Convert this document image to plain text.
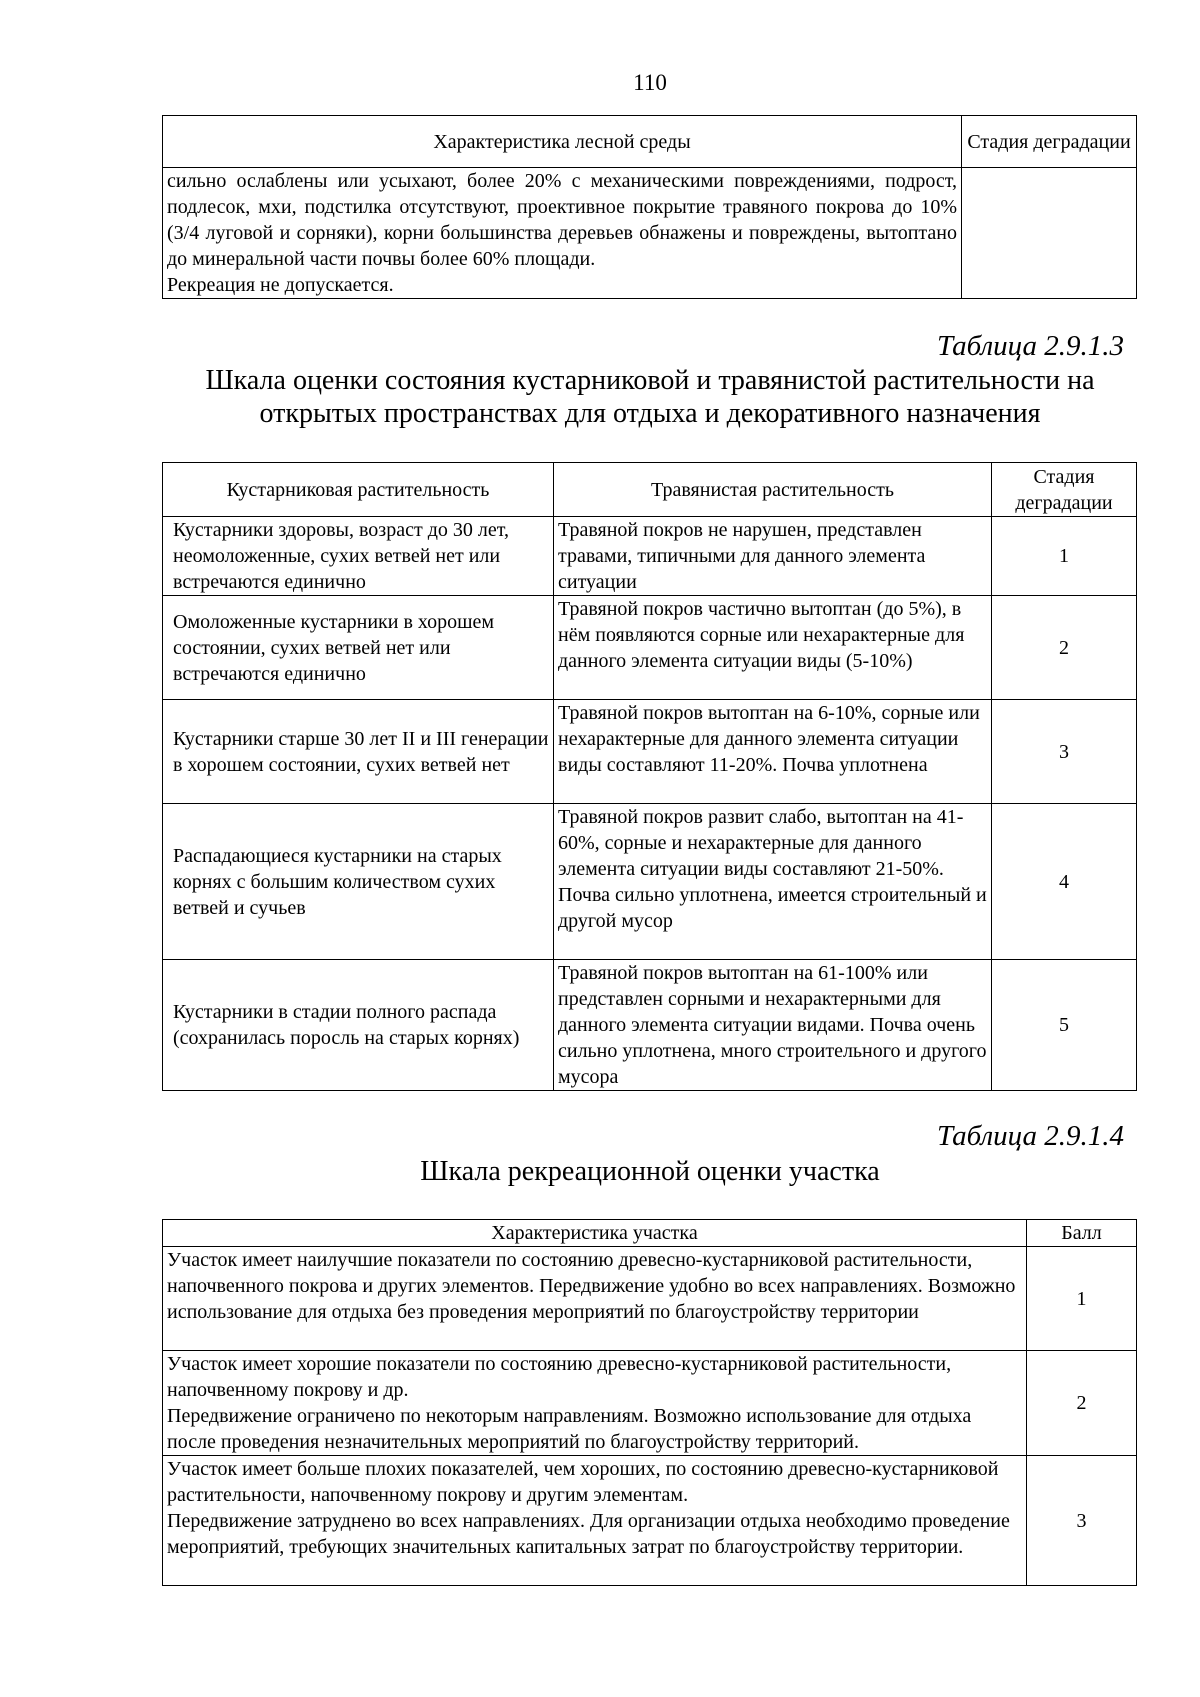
110
Характеристика лесной среды	Стадия деградации

сильно ослаблены или усыхают, более 20% с механическими повреждениями, подрост, подлесок, мхи, подстилка отсутствуют, проективное покрытие травяного покрова до 10% (3/4 луговой и сорняки), корни большинства деревьев обнажены и повреждены, вытоптано до минеральной части почвы более 60% площади.
Рекреация не допускается.	

Таблица 2.9.1.3
Шкала оценки состояния кустарниковой и травянистой растительности на
открытых пространствах для отдыха и декоративного назначения
Кустарниковая растительность	Травянистая растительность	Стадия деградации
Кустарники здоровы, возраст до 30 лет, неомоложенные, сухих ветвей нет или встречаются единично	Травяной покров не нарушен, представлен травами, типичными для данного элемента ситуации	1
Омоложенные кустарники в хорошем состоянии, сухих ветвей нет или встречаются единично	Травяной покров частично вытоптан (до 5%), в нём появляются сорные или нехарактерные для данного элемента ситуации виды (5-10%)	2
Кустарники старше 30 лет II и III генерации в хорошем состоянии, сухих ветвей нет	Травяной покров вытоптан на 6-10%, сорные или нехарактерные для данного элемента ситуации виды составляют 11-20%. Почва уплотнена	3
Распадающиеся кустарники на старых корнях с большим количеством сухих ветвей и сучьев	Травяной покров развит слабо, вытоптан на 41-60%, сорные и нехарактерные для данного элемента ситуации виды составляют 21-50%.
Почва сильно уплотнена, имеется строительный и другой мусор	4
Кустарники в стадии полного распада (сохранилась поросль на старых корнях)	Травяной покров вытоптан на 61-100% или представлен сорными и нехарактерными для данного элемента ситуации видами. Почва очень сильно уплотнена, много строительного и другого мусора	5
Таблица 2.9.1.4
Шкала рекреационной оценки участка
Характеристика участка	Балл
Участок имеет наилучшие показатели по состоянию древесно-кустарниковой растительности, напочвенного покрова и других элементов. Передвижение удобно во всех направлениях. Возможно использование для отдыха без проведения мероприятий по благоустройству территории	1

Участок имеет хорошие показатели по состоянию древесно-кустарниковой растительности, напочвенному покрову и др.
Передвижение ограничено по некоторым направлениям. Возможно использование для отдыха после проведения незначительных мероприятий по благоустройству территорий.	2

Участок имеет больше плохих показателей, чем хороших, по состоянию древесно-кустарниковой растительности, напочвенному покрову и другим элементам.
Передвижение затруднено во всех направлениях. Для организации отдыха необходимо проведение мероприятий, требующих значительных капитальных затрат по благоустройству территории.	3
